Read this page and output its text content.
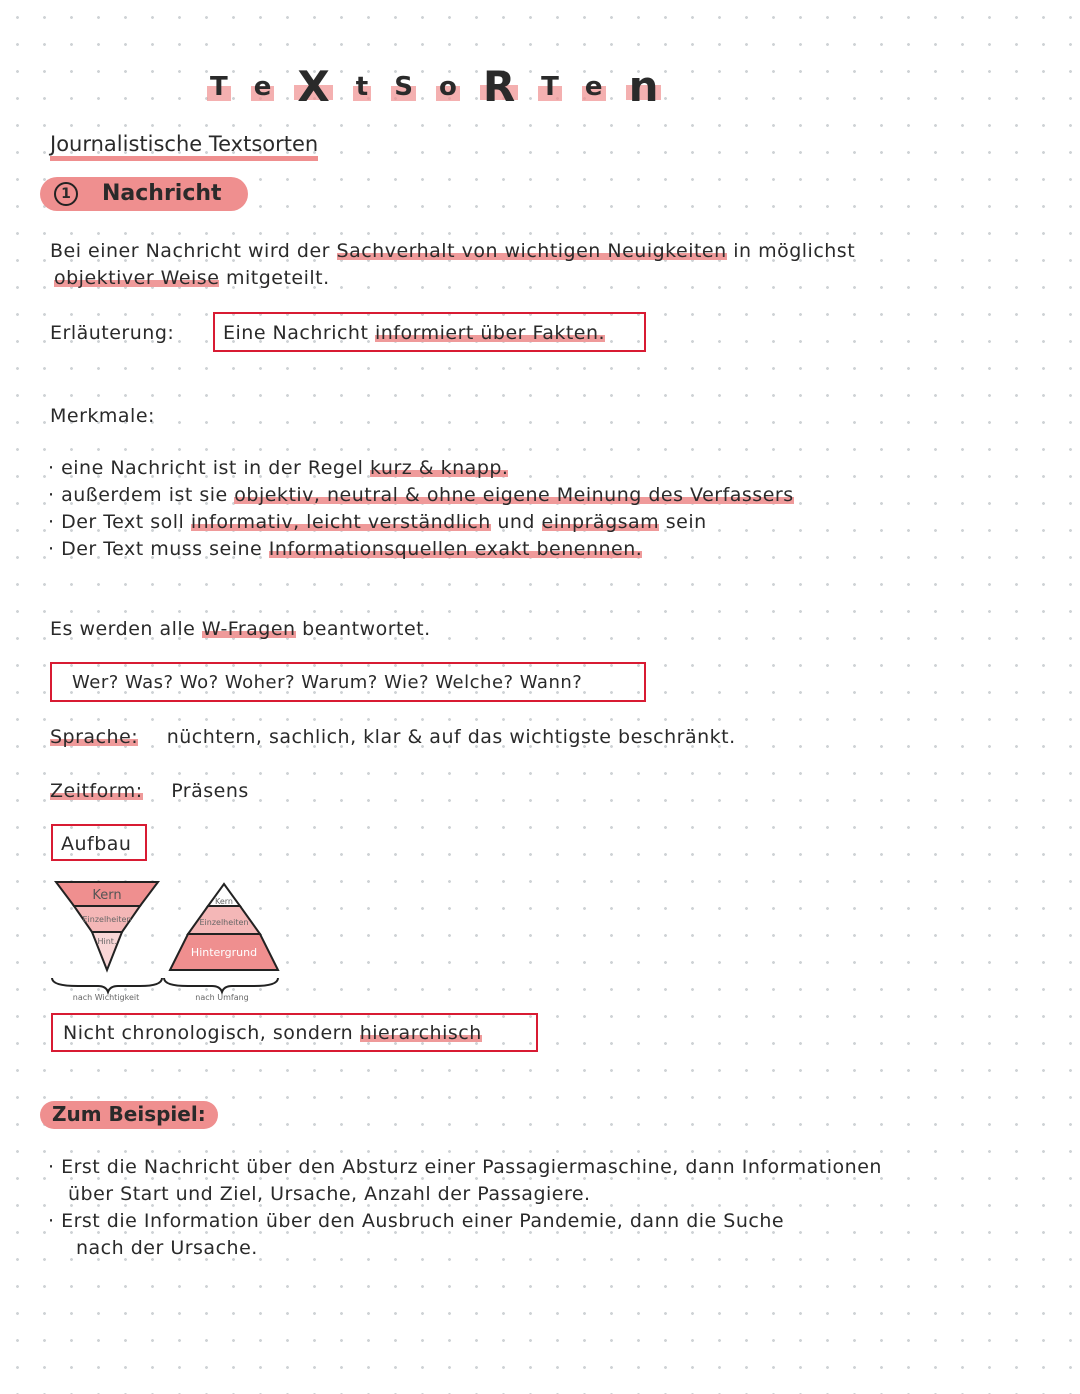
T e X t S o R T e n
Journalistische Textsorten
1	Nachricht
Bei einer Nachricht wird der Sachverhalt von wichtigen Neuigkeiten in möglichst
objektiver Weise mitgeteilt.
Erläuterung:	Eine Nachricht informiert über Fakten.
Merkmale:
· eine Nachricht ist in der Regel kurz & knapp.
· außerdem ist sie objektiv, neutral & ohne eigene Meinung des Verfassers
· Der Text soll informativ, leicht verständlich und einprägsam sein
· Der Text muss seine Informationsquellen exakt benennen.
Es werden alle W-Fragen beantwortet.
Wer? Was? Wo? Woher? Warum? Wie? Welche? Wann?
Sprache: nüchtern, sachlich, klar & auf das wichtigste beschränkt.
Zeitform: Präsens
Aufbau
Kern
Einzelheiten
Hint.
Kern
Einzelheiten
Hintergrund
nach Wichtigkeit	nach Umfang
Nicht chronologisch, sondern hierarchisch
Zum Beispiel:
· Erst die Nachricht über den Absturz einer Passagiermaschine, dann Informationen
über Start und Ziel, Ursache, Anzahl der Passagiere.
· Erst die Information über den Ausbruch einer Pandemie, dann die Suche
nach der Ursache.
